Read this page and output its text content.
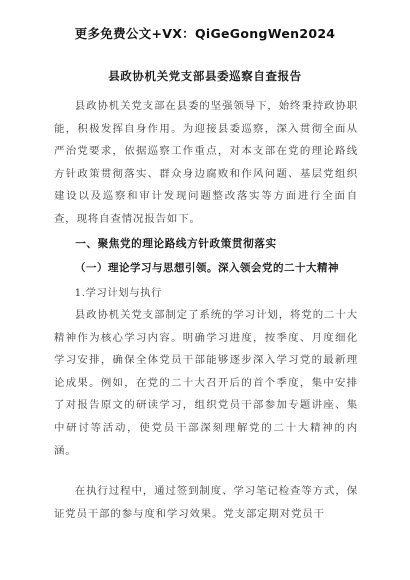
更多免费公文+VX：QiGeGongWen2024
县政协机关党支部县委巡察自查报告

县政协机关党支部在县委的坚强领导下，始终秉持政协职能，积极发挥自身作用。为迎接县委巡察，深入贯彻全面从严治党要求，依据巡察工作重点，对本支部在党的理论路线方针政策贯彻落实、群众身边腐败和作风问题、基层党组织建设以及巡察和审计发现问题整改落实等方面进行全面自查，现将自查情况报告如下。

一、聚焦党的理论路线方针政策贯彻落实
（一）理论学习与思想引领。深入领会党的二十大精神
1.学习计划与执行

县政协机关党支部制定了系统的学习计划，将党的二十大精神作为核心学习内容。明确学习进度，按季度、月度细化学习安排，确保全体党员干部能够逐步深入学习党的最新理论成果。例如，在党的二十大召开后的首个季度，集中安排了对报告原文的研读学习，组织党员干部参加专题讲座、集中研讨等活动，使党员干部深刻理解党的二十大精神的内涵。

在执行过程中，通过签到制度、学习笔记检查等方式，保证党员干部的参与度和学习效果。党支部定期对党员干
